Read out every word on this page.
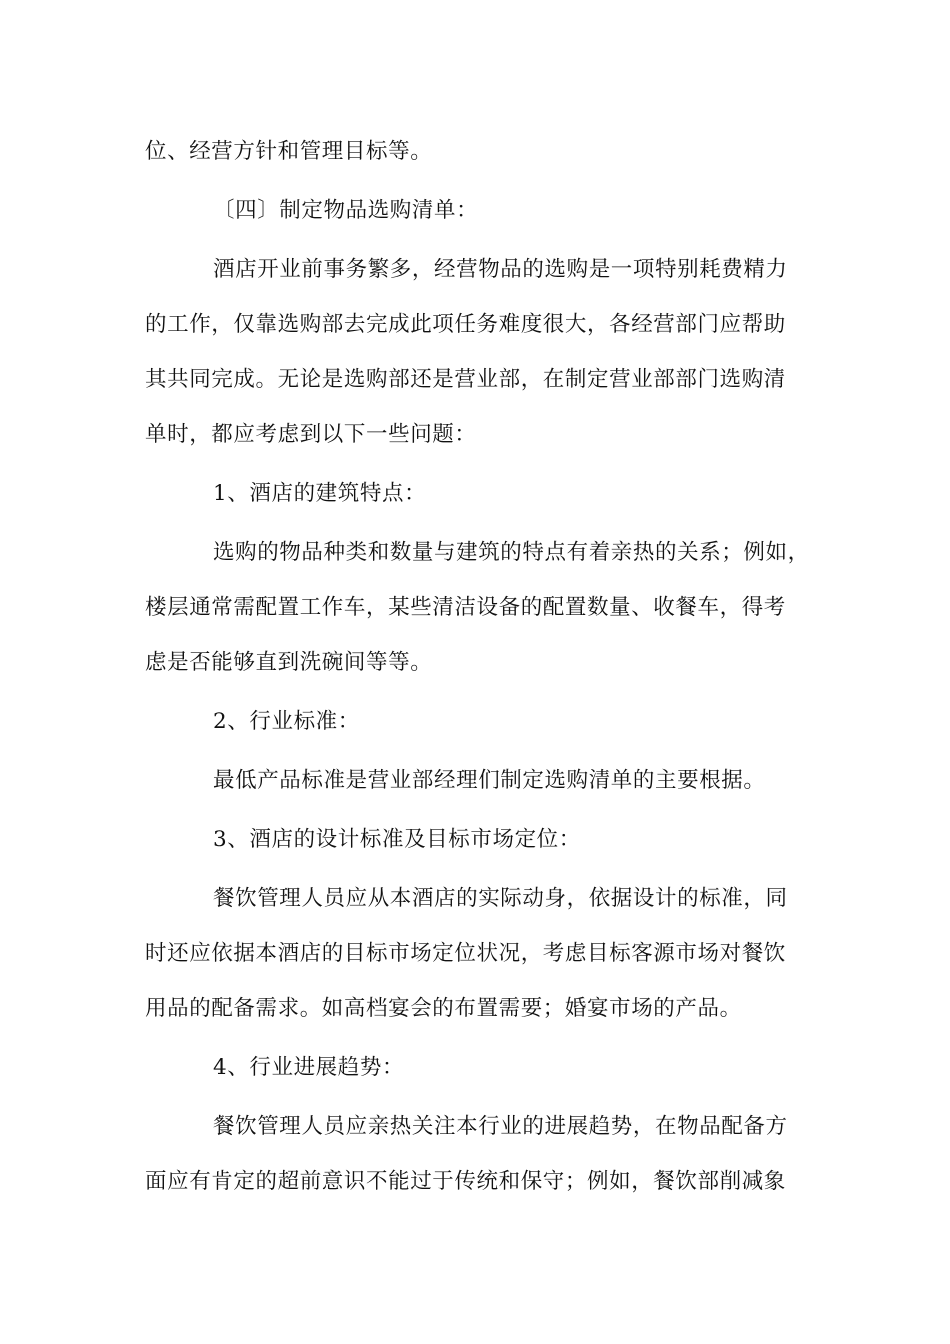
位、经营方针和管理目标等。
〔四〕制定物品选购清单：
酒店开业前事务繁多，经营物品的选购是一项特别耗费精力
的工作，仅靠选购部去完成此项任务难度很大，各经营部门应帮助
其共同完成。无论是选购部还是营业部，在制定营业部部门选购清
单时，都应考虑到以下一些问题：
1、酒店的建筑特点：
选购的物品种类和数量与建筑的特点有着亲热的关系；例如，
楼层通常需配置工作车，某些清洁设备的配置数量、收餐车，得考
虑是否能够直到洗碗间等等。
2、行业标准：
最低产品标准是营业部经理们制定选购清单的主要根据。
3、酒店的设计标准及目标市场定位：
餐饮管理人员应从本酒店的实际动身，依据设计的标准，同
时还应依据本酒店的目标市场定位状况，考虑目标客源市场对餐饮
用品的配备需求。如高档宴会的布置需要；婚宴市场的产品。
4、行业进展趋势：
餐饮管理人员应亲热关注本行业的进展趋势，在物品配备方
面应有肯定的超前意识不能过于传统和保守；例如，餐饮部削减象
